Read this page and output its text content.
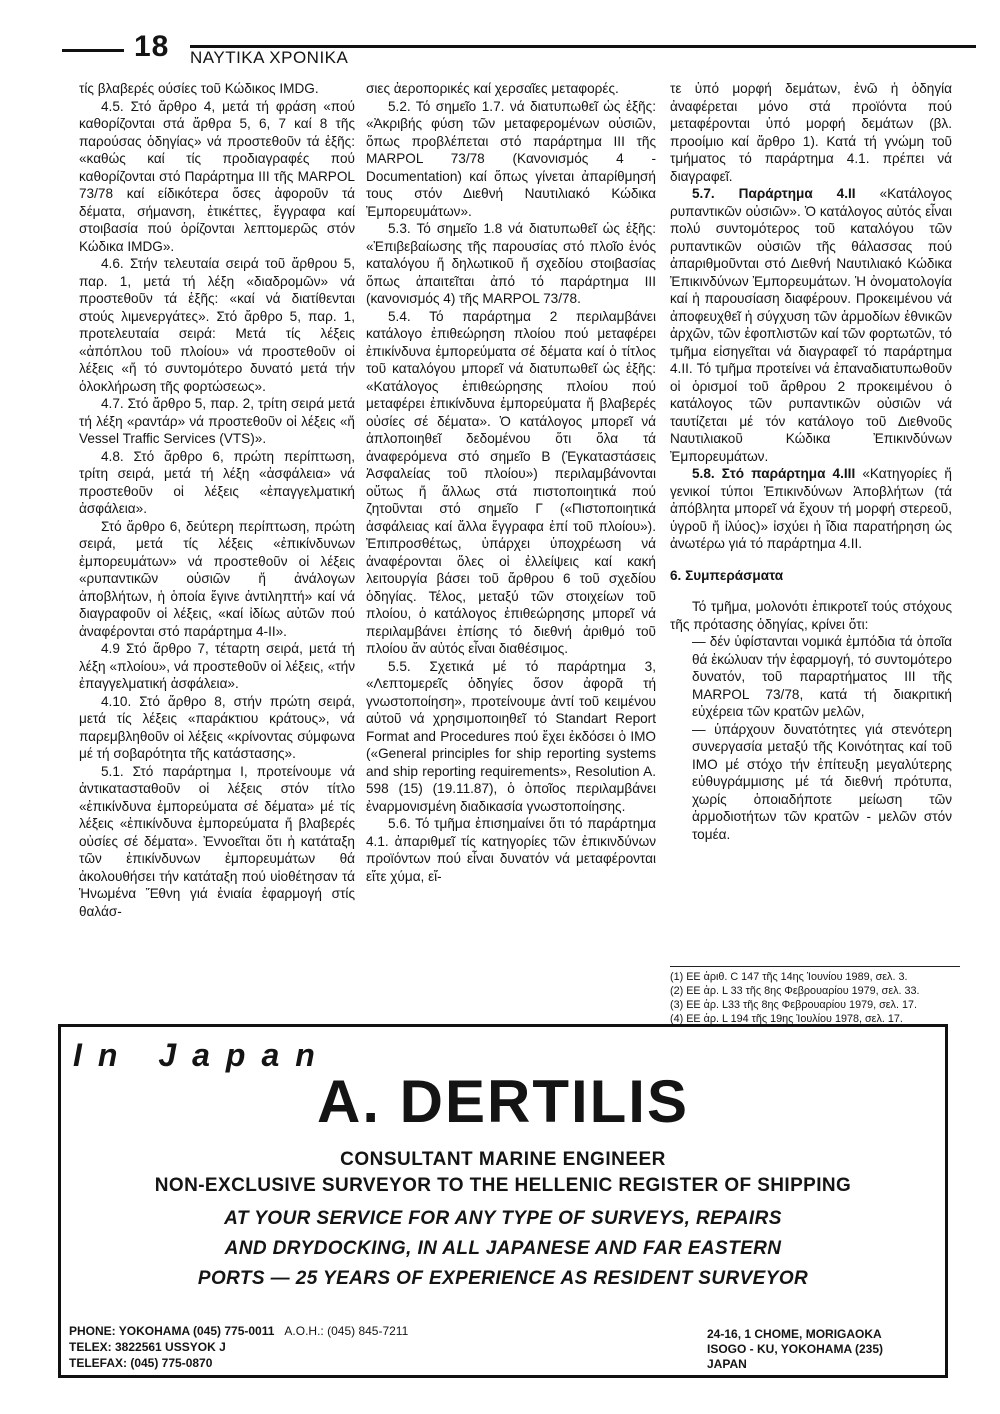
18 ΝΑΥΤΙΚΑ ΧΡΟΝΙΚΑ

τίς βλαβερές ούσίες τοῦ Κώδικος IMDG.

4.5. Στό ἄρθρο 4, μετά τή φράση «πού καθορίζονται στά ἄρθρα 5, 6, 7 καί 8 τῆς παρούσας ὁδηγίας» νά προστεθοῦν τά ἑξῆς: «καθώς καί τίς προδιαγραφές πού καθορίζονται στό Παράρτημα ΙΙΙ τῆς MARPOL 73/78 καί είδικότερα ὅσες ἀφοροῦν τά δέματα, σήμανση, ἐτικέττες, ἔγγραφα καί στοιβασία πού ὁρίζονται λεπτομερῶς στόν Κώδικα IMDG».

4.6. Στήν τελευταία σειρά τοῦ ἄρθρου 5, παρ. 1, μετά τή λέξη «διαδρομῶν» νά προστεθοῦν τά ἑξῆς: «καί νά διατίθενται στούς λιμενεργάτες». Στό ἄρθρο 5, παρ. 1, προτελευταία σειρά: Μετά τίς λέξεις «ἀπόπλου τοῦ πλοίου» νά προστεθοῦν οἱ λέξεις «ἤ τό συντομότερο δυνατό μετά τήν ὁλοκλήρωση τῆς φορτώσεως».

4.7. Στό ἄρθρο 5, παρ. 2, τρίτη σειρά μετά τή λέξη «ραντάρ» νά προστεθοῦν οἱ λέξεις «ἤ Vessel Traffic Services (VTS)».

4.8. Στό ἄρθρο 6, πρώτη περίπτωση, τρίτη σειρά, μετά τή λέξη «ἀσφάλεια» νά προστεθοῦν οἱ λέξεις «ἐπαγγελματική ἀσφάλεια».

Στό ἄρθρο 6, δεύτερη περίπτωση, πρώτη σειρά, μετά τίς λέξεις «ἐπικίνδυνων ἐμπορευμάτων» νά προστεθοῦν οἱ λέξεις «ρυπαντικῶν οὐσιῶν ἤ ἀνάλογων ἀποβλήτων, ἡ ὁποία ἔγινε ἀντιληπτή» καί νά διαγραφοῦν οἱ λέξεις, «καί ἰδίως αὐτῶν πού ἀναφέρονται στό παράρτημα 4-ΙΙ».

4.9 Στό ἄρθρο 7, τέταρτη σειρά, μετά τή λέξη «πλοίου», νά προστεθοῦν οἱ λέξεις, «τήν ἐπαγγελματική ἀσφάλεια».

4.10. Στό ἄρθρο 8, στήν πρώτη σειρά, μετά τίς λέξεις «παράκτιου κράτους», νά παρεμβληθοῦν οἱ λέξεις «κρίνοντας σύμφωνα μέ τή σοβαρότητα τῆς κατάστασης».

5.1. Στό παράρτημα Ι, προτείνουμε νά ἀντικατασταθοῦν οἱ λέξεις στόν τίτλο «ἐπικίνδυνα ἐμπορεύματα σέ δέματα» μέ τίς λέξεις «ἐπικίνδυνα ἐμπορεύματα ἤ βλαβερές οὐσίες σέ δέματα». Ἐννοεῖται ὅτι ἡ κατάταξη τῶν ἐπικίνδυνων ἐμπορευμάτων θά ἀκολουθήσει τήν κατάταξη πού υἱοθέτησαν τά Ἡνωμένα Ἔθνη γιά ἑνιαία ἐφαρμογή στίς θαλάσ-

σιες ἀεροπορικές καί χερσαῖες μεταφορές.

5.2. Τό σημεῖο 1.7. νά διατυπωθεῖ ὡς ἑξῆς: «Ἀκριβής φύση τῶν μεταφερομένων οὐσιῶν, ὅπως προβλέπεται στό παράρτημα ΙΙΙ τῆς MARPOL 73/78 (Κανονισμός 4 - Documentation) καί ὅπως γίνεται ἀπαρίθμησή τους στόν Διεθνή Ναυτιλιακό Κώδικα Ἐμπορευμάτων».

5.3. Τό σημεῖο 1.8 νά διατυπωθεῖ ὡς ἑξῆς: «Ἐπιβεβαίωσης τῆς παρουσίας στό πλοῖο ἑνός καταλόγου ἤ δηλωτικοῦ ἤ σχεδίου στοιβασίας ὅπως ἀπαιτεῖται ἀπό τό παράρτημα ΙΙΙ (κανονισμός 4) τῆς MARPOL 73/78.

5.4. Τό παράρτημα 2 περιλαμβάνει κατάλογο ἐπιθεώρηση πλοίου πού μεταφέρει ἐπικίνδυνα ἐμπορεύματα σέ δέματα καί ὁ τίτλος τοῦ καταλόγου μπορεῖ νά διατυπωθεῖ ὡς ἑξῆς: «Κατάλογος ἐπιθεώρησης πλοίου πού μεταφέρει ἐπικίνδυνα ἐμπορεύματα ἤ βλαβερές οὐσίες σέ δέματα». Ὁ κατάλογος μπορεῖ νά ἀπλοποιηθεῖ δεδομένου ὅτι ὅλα τά ἀναφερόμενα στό σημεῖο Β (Ἐγκαταστάσεις Ἀσφαλείας τοῦ πλοίου») περιλαμβάνονται οὕτως ἤ ἄλλως στά πιστοποιητικά πού ζητοῦνται στό σημεῖο Γ («Πιστοποιητικά ἀσφάλειας καί ἄλλα ἔγγραφα ἐπί τοῦ πλοίου»). Ἐπιπροσθέτως, ὑπάρχει ὑποχρέωση νά ἀναφέρονται ὅλες οἱ ἐλλείψεις καί κακή λειτουργία βάσει τοῦ ἄρθρου 6 τοῦ σχεδίου ὁδηγίας. Τέλος, μεταξύ τῶν στοιχείων τοῦ πλοίου, ὁ κατάλογος ἐπιθεώρησης μπορεῖ νά περιλαμβάνει ἐπίσης τό διεθνή ἀριθμό τοῦ πλοίου ἄν αὐτός εἶναι διαθέσιμος.

5.5. Σχετικά μέ τό παράρτημα 3, «Λεπτομερεῖς ὁδηγίες ὅσον ἀφορᾶ τή γνωστοποίηση», προτείνουμε ἀντί τοῦ κειμένου αὐτοῦ νά χρησιμοποιηθεῖ τό Standart Report Format and Procedures πού ἔχει ἐκδόσει ὁ ΙΜΟ («General principles for ship reporting systems and ship reporting requirements», Resolution A. 598 (15) (19.11.87), ὁ ὁποῖος περιλαμβάνει ἐναρμονισμένη διαδικασία γνωστοποίησης.

5.6. Τό τμῆμα ἐπισημαίνει ὅτι τό παράρτημα 4.1. ἀπαριθμεῖ τίς κατηγορίες τῶν ἐπικινδύνων προϊόντων πού εἶναι δυνατόν νά μεταφέρονται εἴτε χύμα, εἴ-

τε ὑπό μορφή δεμάτων, ἐνῶ ἡ ὁδηγία ἀναφέρεται μόνο στά προϊόντα πού μεταφέρονται ὑπό μορφή δεμάτων (βλ. προοίμιο καί ἄρθρο 1). Κατά τή γνώμη τοῦ τμήματος τό παράρτημα 4.1. πρέπει νά διαγραφεῖ.

5.7. Παράρτημα 4.ΙΙ «Κατάλογος ρυπαντικῶν οὐσιῶν». Ὁ κατάλογος αὐτός εἶναι πολύ συντομότερος τοῦ καταλόγου τῶν ρυπαντικῶν οὐσιῶν τῆς θάλασσας πού ἀπαριθμοῦνται στό Διεθνή Ναυτιλιακό Κώδικα Ἐπικινδύνων Ἐμπορευμάτων. Ἡ ὀνοματολογία καί ἡ παρουσίαση διαφέρουν. Προκειμένου νά ἀποφευχθεῖ ἡ σύγχυση τῶν ἁρμοδίων ἐθνικῶν ἀρχῶν, τῶν ἐφοπλιστῶν καί τῶν φορτωτῶν, τό τμῆμα εἰσηγεῖται νά διαγραφεῖ τό παράρτημα 4.ΙΙ. Τό τμῆμα προτείνει νά ἐπαναδιατυπωθοῦν οἱ ὁρισμοί τοῦ ἄρθρου 2 προκειμένου ὁ κατάλογος τῶν ρυπαντικῶν οὐσιῶν νά ταυτίζεται μέ τόν κατάλογο τοῦ Διεθνοῦς Ναυτιλιακοῦ Κώδικα Ἐπικινδύνων Ἐμπορευμάτων.

5.8. Στό παράρτημα 4.ΙΙΙ «Κατηγορίες ἤ γενικοί τύποι Ἐπικινδύνων Ἀποβλήτων (τά ἀπόβλητα μπορεῖ νά ἔχουν τή μορφή στερεοῦ, ὑγροῦ ἤ ἰλύος)» ἰσχύει ἡ ἴδια παρατήρηση ὡς ἀνωτέρω γιά τό παράρτημα 4.ΙΙ.

6. Συμπεράσματα

Τό τμῆμα, μολονότι ἐπικροτεῖ τούς στόχους τῆς πρότασης ὁδηγίας, κρίνει ὅτι:

— δέν ὑφίστανται νομικά ἐμπόδια τά ὁποῖα θά ἐκώλυαν τήν ἐφαρμογή, τό συντομότερο δυνατόν, τοῦ παραρτήματος ΙΙΙ τῆς MARPOL 73/78, κατά τή διακριτική εὐχέρεια τῶν κρατῶν μελῶν,

— ὑπάρχουν δυνατότητες γιά στενότερη συνεργασία μεταξύ τῆς Κοινότητας καί τοῦ ΙΜΟ μέ στόχο τήν ἐπίτευξη μεγαλύτερης εὐθυγράμμισης μέ τά διεθνή πρότυπα, χωρίς ὁποιαδήποτε μείωση τῶν ἁρμοδιοτήτων τῶν κρατῶν - μελῶν στόν τομέα.

(1) ΕΕ ἀριθ. C 147 τῆς 14ης Ἰουνίου 1989, σελ. 3.
(2) ΕΕ ἀρ. L 33 τῆς 8ης Φεβρουαρίου 1979, σελ. 33.
(3) ΕΕ ἀρ. L33 τῆς 8ης Φεβρουαρίου 1979, σελ. 17.
(4) ΕΕ ἀρ. L 194 τῆς 19ης Ἰουλίου 1978, σελ. 17.
In Japan
A. DERTILIS
CONSULTANT MARINE ENGINEER
NON-EXCLUSIVE SURVEYOR TO THE HELLENIC REGISTER OF SHIPPING
AT YOUR SERVICE FOR ANY TYPE OF SURVEYS, REPAIRS
AND DRYDOCKING, IN ALL JAPANESE AND FAR EASTERN
PORTS — 25 YEARS OF EXPERIENCE AS RESIDENT SURVEYOR
PHONE: YOKOHAMA (045) 775-0011 A.O.H.: (045) 845-7211
TELEX: 3822561 USSYOK J
TELEFAX: (045) 775-0870
24-16, 1 CHOME, MORIGAOKA
ISOGO - KU, YOKOHAMA (235)
JAPAN
